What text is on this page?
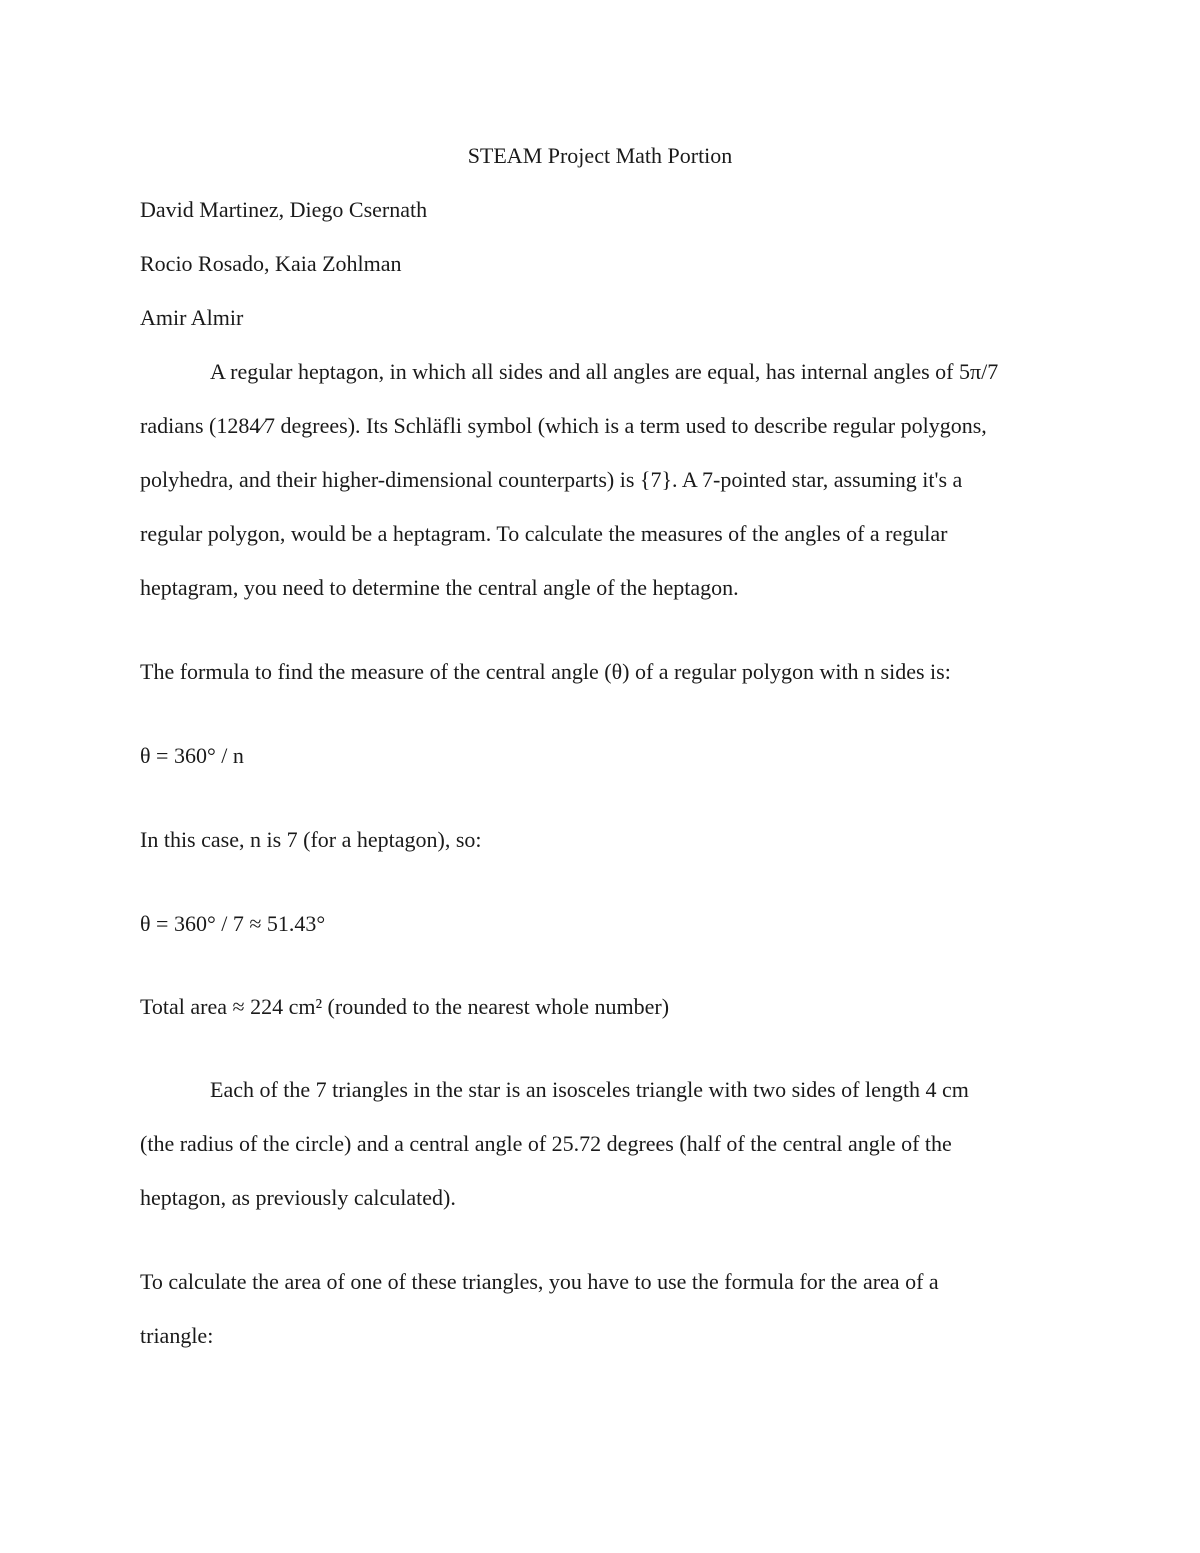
STEAM Project Math Portion
David Martinez, Diego Csernath
Rocio Rosado, Kaia Zohlman
Amir Almir
A regular heptagon, in which all sides and all angles are equal, has internal angles of 5π/7
radians (1284⁄7 degrees). Its Schläfli symbol (which is a term used to describe regular polygons,
polyhedra, and their higher-dimensional counterparts) is {7}. A 7-pointed star, assuming it's a
regular polygon, would be a heptagram. To calculate the measures of the angles of a regular
heptagram, you need to determine the central angle of the heptagon.
The formula to find the measure of the central angle (θ) of a regular polygon with n sides is:
θ = 360° / n
In this case, n is 7 (for a heptagon), so:
θ = 360° / 7 ≈ 51.43°
Total area ≈ 224 cm² (rounded to the nearest whole number)
Each of the 7 triangles in the star is an isosceles triangle with two sides of length 4 cm
(the radius of the circle) and a central angle of 25.72 degrees (half of the central angle of the
heptagon, as previously calculated).
To calculate the area of one of these triangles, you have to use the formula for the area of a
triangle:
